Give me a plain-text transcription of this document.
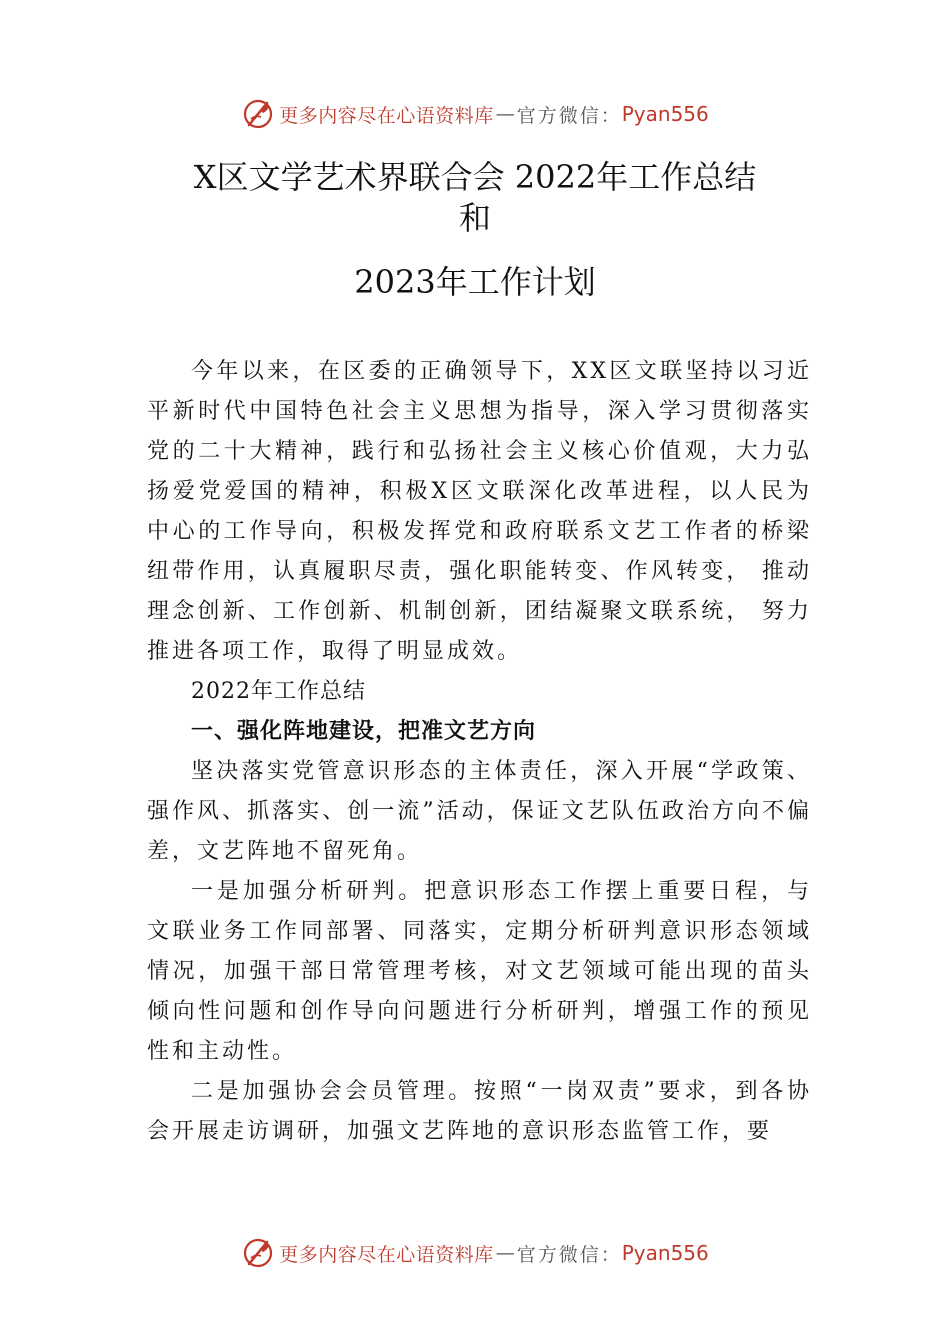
更多内容尽在心语资料库 — 官方微信： Pyan556
X区文学艺术界联合会 2022年工作总结
和
2023年工作计划

今年以来，在区委的正确领导下，XX区文联坚持以习近平新时代中国特色社会主义思想为指导，深入学习贯彻落实党的二十大精神，践行和弘扬社会主义核心价值观，大力弘扬爱党爱国的精神，积极X区文联深化改革进程，以人民为中心的工作导向，积极发挥党和政府联系文艺工作者的桥梁纽带作用，认真履职尽责，强化职能转变、作风转变， 推动理念创新、工作创新、机制创新，团结凝聚文联系统， 努力推进各项工作，取得了明显成效。

2022年工作总结

一、强化阵地建设，把准文艺方向

坚决落实党管意识形态的主体责任，深入开展“学政策、强作风、抓落实、创一流”活动，保证文艺队伍政治方向不偏差，文艺阵地不留死角。

一是加强分析研判。把意识形态工作摆上重要日程，与文联业务工作同部署、同落实，定期分析研判意识形态领域情况，加强干部日常管理考核，对文艺领域可能出现的苗头倾向性问题和创作导向问题进行分析研判，增强工作的预见性和主动性。

二是加强协会会员管理。按照“一岗双责”要求，到各协会开展走访调研，加强文艺阵地的意识形态监管工作，要

更多内容尽在心语资料库 — 官方微信： Pyan556
